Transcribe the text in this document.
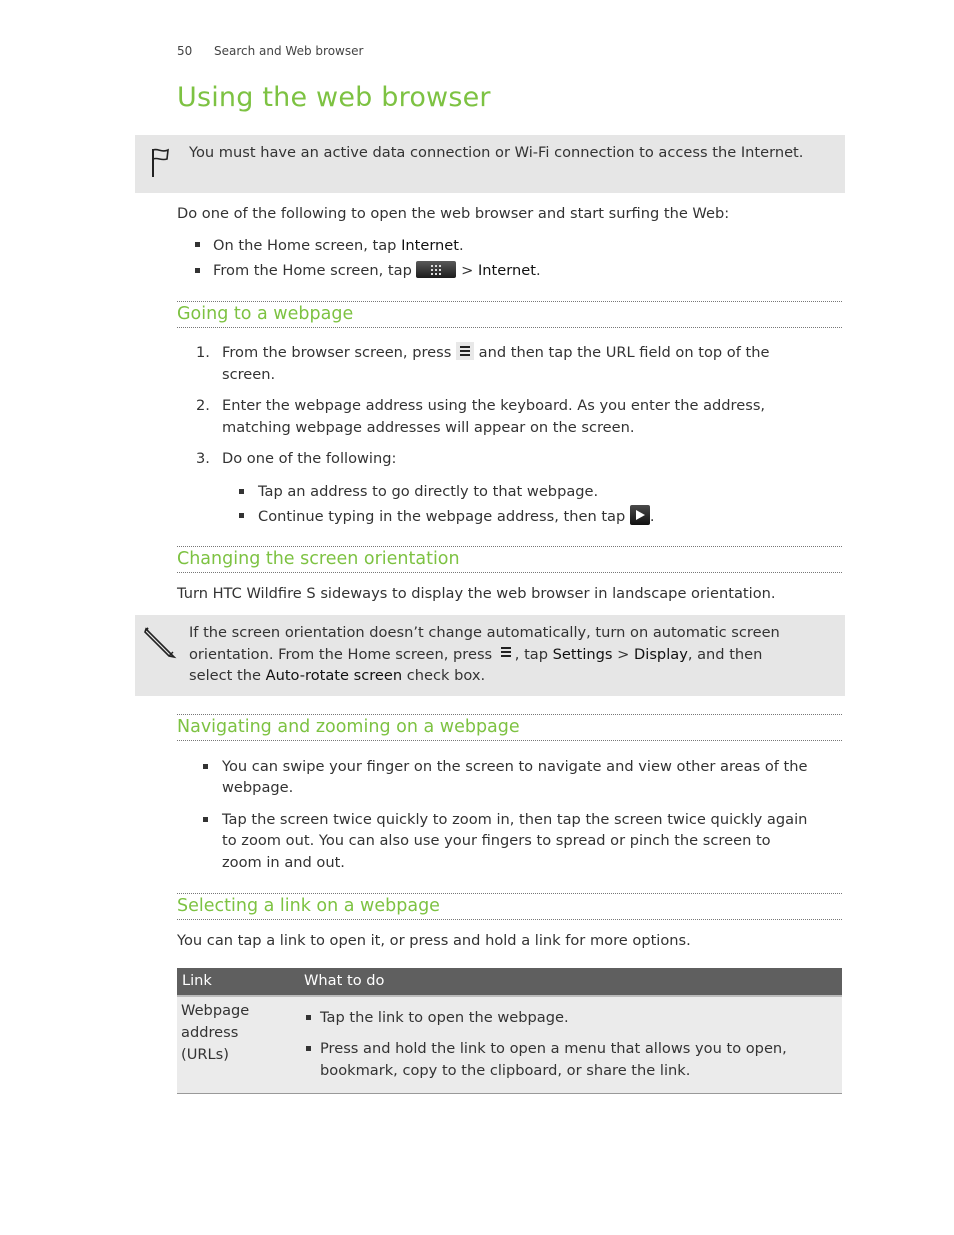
50 Search and Web browser
Using the web browser
You must have an active data connection or Wi-Fi connection to access the Internet.
Do one of the following to open the web browser and start surfing the Web:
On the Home screen, tap Internet.
From the Home screen, tap	> Internet.
Going to a webpage
1. From the browser screen, press
and then tap the URL field on top of the
screen.
2. Enter the webpage address using the keyboard. As you enter the address,
matching webpage addresses will appear on the screen.
3. Do one of the following:
Tap an address to go directly to that webpage.
Continue typing in the webpage address, then tap
.
Changing the screen orientation
Turn HTC Wildfire S sideways to display the web browser in landscape orientation.
If the screen orientation doesn’t change automatically, turn on automatic screen
orientation. From the Home screen, press
, tap Settings > Display, and then
select the Auto-rotate screen check box.
Navigating and zooming on a webpage
You can swipe your finger on the screen to navigate and view other areas of the
webpage.
Tap the screen twice quickly to zoom in, then tap the screen twice quickly again
to zoom out. You can also use your fingers to spread or pinch the screen to
zoom in and out.
Selecting a link on a webpage
You can tap a link to open it, or press and hold a link for more options.
Link	What to do
Webpage
address
(URLs)
Tap the link to open the webpage.
Press and hold the link to open a menu that allows you to open,
bookmark, copy to the clipboard, or share the link.
